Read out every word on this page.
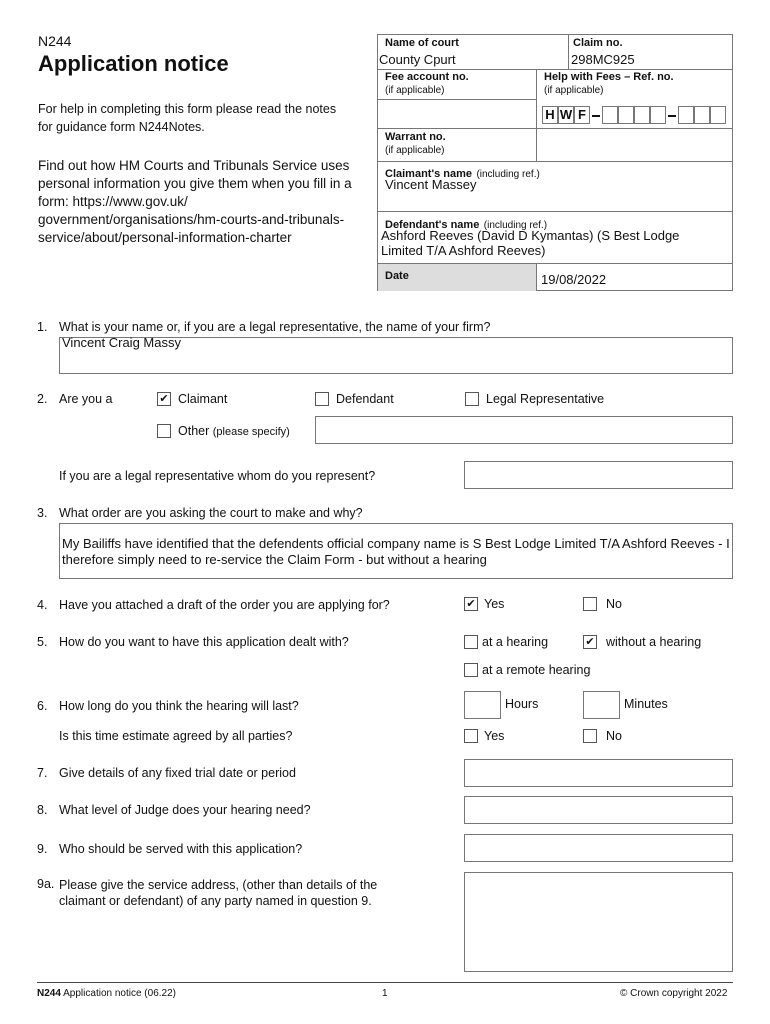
N244
Application notice
For help in completing this form please read the notes for guidance form N244Notes.
Find out how HM Courts and Tribunals Service uses personal information you give them when you fill in a form: https://www.gov.uk/ government/organisations/hm-courts-and-tribunals-service/about/personal-information-charter
Name of court
County Cpurt
Claim no.
298MC925
Fee account no.
(if applicable)
Help with Fees – Ref. no.
(if applicable)
H W F
Warrant no.
(if applicable)
Claimant's name (including ref.)
Vincent Massey
Defendant's name (including ref.)
Ashford Reeves (David D Kymantas) (S Best Lodge Limited T/A Ashford Reeves)
Date	19/08/2022
1. What is your name or, if you are a legal representative, the name of your firm?
Vincent Craig Massy
2. Are you a	✔ Claimant	Defendant	Legal Representative
Other (please specify)
If you are a legal representative whom do you represent?
3. What order are you asking the court to make and why?
My Bailiffs have identified that the defendents official company name is S Best Lodge Limited T/A Ashford Reeves - I therefore simply need to re-service the Claim Form - but without a hearing
4. Have you attached a draft of the order you are applying for?	✔ Yes	No
5. How do you want to have this application dealt with?	at a hearing	✔ without a hearing
at a remote hearing
6. How long do you think the hearing will last?	Hours	Minutes
Is this time estimate agreed by all parties?	Yes	No
7. Give details of any fixed trial date or period
8. What level of Judge does your hearing need?
9. Who should be served with this application?
9a. Please give the service address, (other than details of the claimant or defendant) of any party named in question 9.
N244 Application notice (06.22)	1	© Crown copyright 2022
